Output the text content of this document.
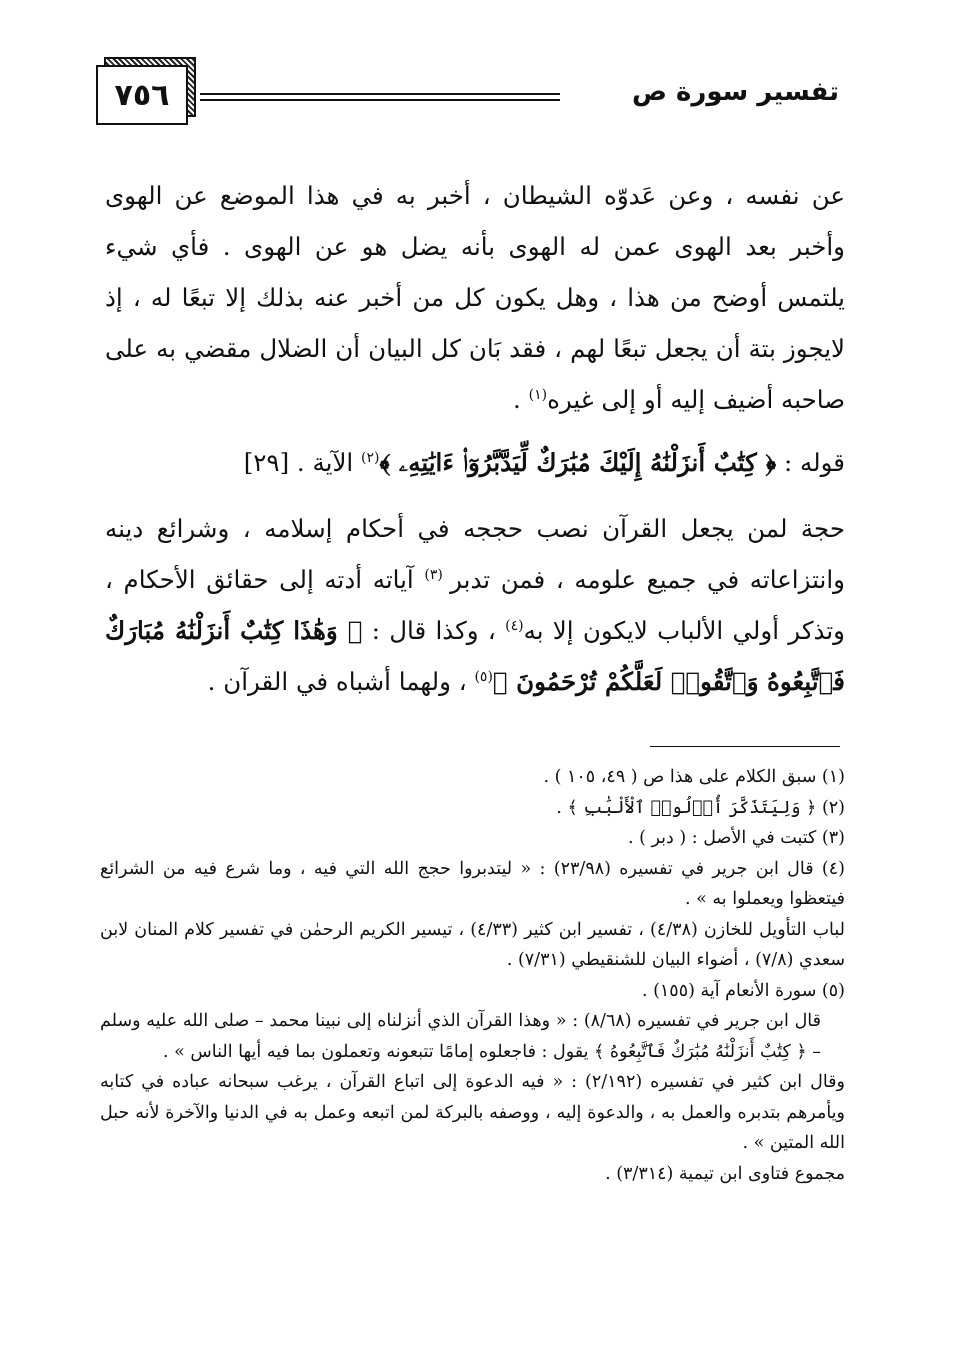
٧٥٦	تفسير سورة ص
عن نفسه ، وعن عَدوّه الشيطان ، أخبر به في هذا الموضع عن الهوى وأخبر بعد الهوى عمن له الهوى بأنه يضل هو عن الهوى . فأي شيء يلتمس أوضح من هذا ، وهل يكون كل من أخبر عنه بذلك إلا تبعًا له ، إذ لايجوز بتة أن يجعل تبعًا لهم ، فقد بَان كل البيان أن الضلال مقضي به على صاحبه أضيف إليه أو إلى غيره$^{(١)}$ .
قوله : ﴿ كِتَٰبٌ أَنزَلْنَٰهُ إِلَيْكَ مُبَٰرَكٌ لِّيَدَّبَّرُوٓا۟ ءَايَٰتِهِۦ ﴾$^{(٢)}$ الآية . [٢٩]
حجة لمن يجعل القرآن نصب حججه في أحكام إسلامه ، وشرائع دينه وانتزاعاته في جميع علومه ، فمن تدبر $^{(٣)}$ آياته أدته إلى حقائق الأحكام ، وتذكر أولي الألباب لايكون إلا به$^{(٤)}$ ، وكذا قال : ﴿ وَهَٰذَا كِتَٰبٌ أَنزَلْنَٰهُ مُبَارَكٌ فَٱتَّبِعُوهُ وَٱتَّقُوا۟ لَعَلَّكُمْ تُرْحَمُونَ ﴾$^{(٥)}$ ، ولهما أشباه في القرآن .

(١) سبق الكلام على هذا ص ( ٤٩، ١٠٥ ) .

(٢) ﴿ وَلِيَتَذَكَّرَ أُو۟لُوا۟ ٱلْأَلْبَٰبِ ﴾ .

(٣) كتبت في الأصل : ( دبر ) .

(٤) قال ابن جرير في تفسيره (٢٣/٩٨) : « ليتدبروا حجج الله التي فيه ، وما شرع فيه من الشرائع فيتعظوا ويعملوا به » .

لباب التأويل للخازن (٤/٣٨) ، تفسير ابن كثير (٤/٣٣) ، تيسير الكريم الرحمٰن في تفسير كلام المنان لابن سعدي (٧/٨) ، أضواء البيان للشنقيطي (٧/٣١) .

(٥) سورة الأنعام آية (١٥٥) .

قال ابن جرير في تفسيره (٨/٦٨) : « وهذا القرآن الذي أنزلناه إلى نبينا محمد – صلى الله عليه وسلم – ﴿ كِتَٰبٌ أَنزَلْنَٰهُ مُبَٰرَكٌ فَٱتَّبِعُوهُ ﴾ يقول : فاجعلوه إمامًا تتبعونه وتعملون بما فيه أيها الناس » .

وقال ابن كثير في تفسيره (٢/١٩٢) : « فيه الدعوة إلى اتباع القرآن ، يرغب سبحانه عباده في كتابه ويأمرهم بتدبره والعمل به ، والدعوة إليه ، ووصفه بالبركة لمن اتبعه وعمل به في الدنيا والآخرة لأنه حبل الله المتين » .

مجموع فتاوى ابن تيمية (٣/٣١٤) .
